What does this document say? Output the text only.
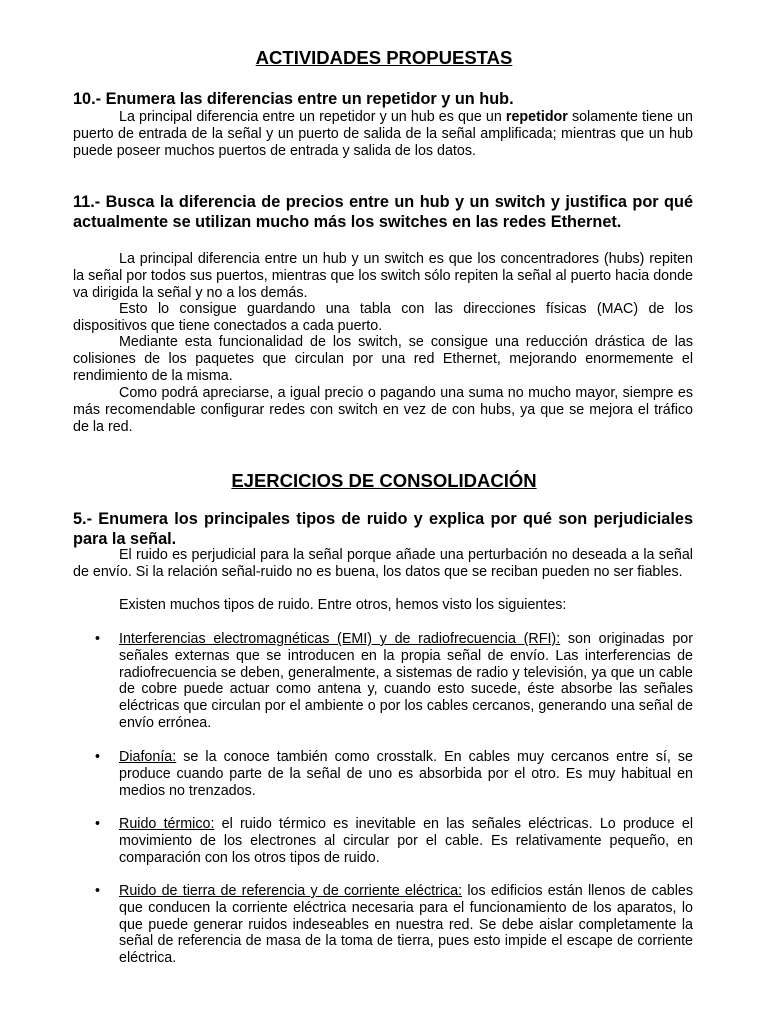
ACTIVIDADES PROPUESTAS
10.- Enumera las diferencias entre un repetidor y un hub.
La principal diferencia entre un repetidor y un hub es que un repetidor solamente tiene un puerto de entrada de la señal y un puerto de salida de la señal amplificada; mientras que un hub puede poseer muchos puertos de entrada y salida de los datos.
11.- Busca la diferencia de precios entre un hub y un switch y justifica por qué actualmente se utilizan mucho más los switches en las redes Ethernet.
La principal diferencia entre un hub y un switch es que los concentradores (hubs) repiten la señal por todos sus puertos, mientras que los switch sólo repiten la señal al puerto hacia donde va dirigida la señal y no a los demás.
Esto lo consigue guardando una tabla con las direcciones físicas (MAC) de los dispositivos que tiene conectados a cada puerto.
Mediante esta funcionalidad de los switch, se consigue una reducción drástica de las colisiones de los paquetes que circulan por una red Ethernet, mejorando enormemente el rendimiento de la misma.
Como podrá apreciarse, a igual precio o pagando una suma no mucho mayor, siempre es más recomendable configurar redes con switch en vez de con hubs, ya que se mejora el tráfico de la red.
EJERCICIOS DE CONSOLIDACIÓN
5.- Enumera los principales tipos de ruido y explica por qué son perjudiciales para la señal.
El ruido es perjudicial para la señal porque añade una perturbación no deseada a la señal de envío. Si la relación señal-ruido no es buena, los datos que se reciban pueden no ser fiables.
Existen muchos tipos de ruido. Entre otros, hemos visto los siguientes:
• Interferencias electromagnéticas (EMI) y de radiofrecuencia (RFI): son originadas por señales externas que se introducen en la propia señal de envío. Las interferencias de radiofrecuencia se deben, generalmente, a sistemas de radio y televisión, ya que un cable de cobre puede actuar como antena y, cuando esto sucede, éste absorbe las señales eléctricas que circulan por el ambiente o por los cables cercanos, generando una señal de envío errónea.
• Diafonía: se la conoce también como crosstalk. En cables muy cercanos entre sí, se produce cuando parte de la señal de uno es absorbida por el otro. Es muy habitual en medios no trenzados.
• Ruido térmico: el ruido térmico es inevitable en las señales eléctricas. Lo produce el movimiento de los electrones al circular por el cable. Es relativamente pequeño, en comparación con los otros tipos de ruido.
• Ruido de tierra de referencia y de corriente eléctrica: los edificios están llenos de cables que conducen la corriente eléctrica necesaria para el funcionamiento de los aparatos, lo que puede generar ruidos indeseables en nuestra red. Se debe aislar completamente la señal de referencia de masa de la toma de tierra, pues esto impide el escape de corriente eléctrica.
